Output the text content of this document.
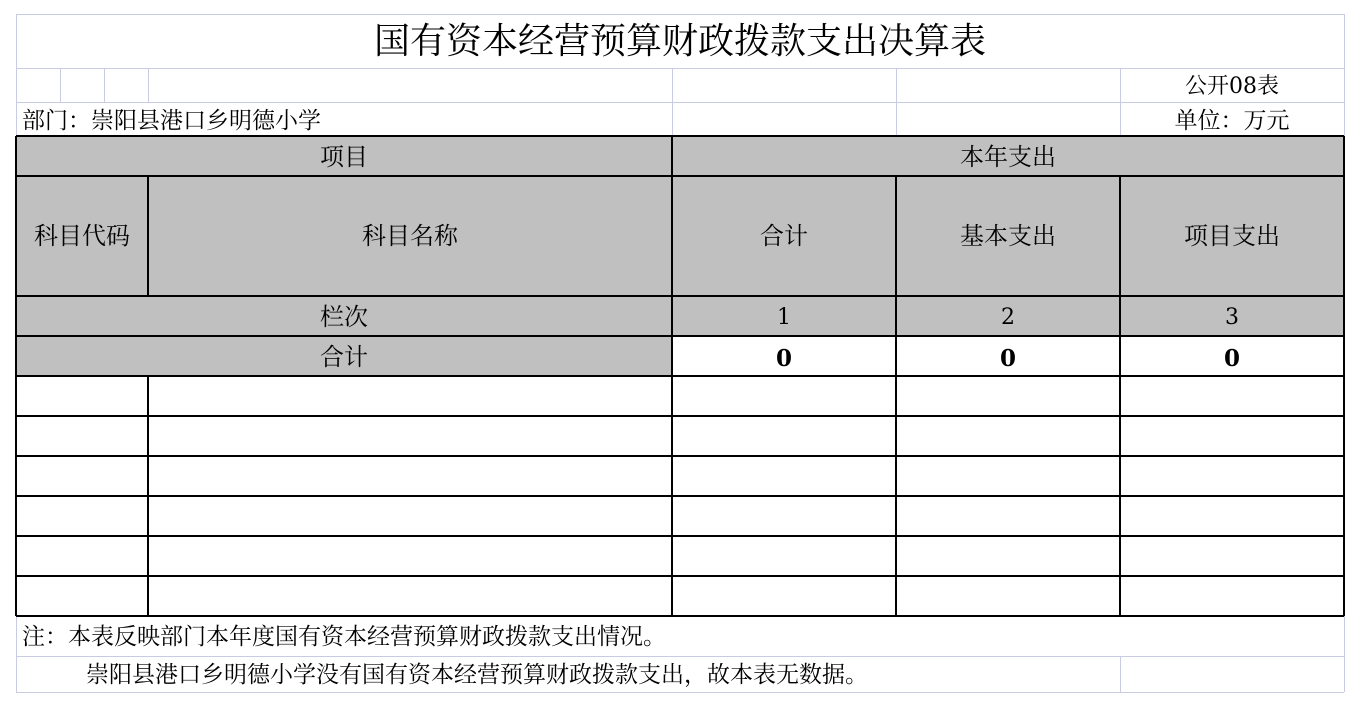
国有资本经营预算财政拨款支出决算表
公开08表
部门：崇阳县港口乡明德小学	单位：万元
项目	本年支出
科目代码	科目名称	合计	基本支出	项目支出
栏次	1	2	3
合计	0	0	0
注：本表反映部门本年度国有资本经营预算财政拨款支出情况。
崇阳县港口乡明德小学没有国有资本经营预算财政拨款支出，故本表无数据。
